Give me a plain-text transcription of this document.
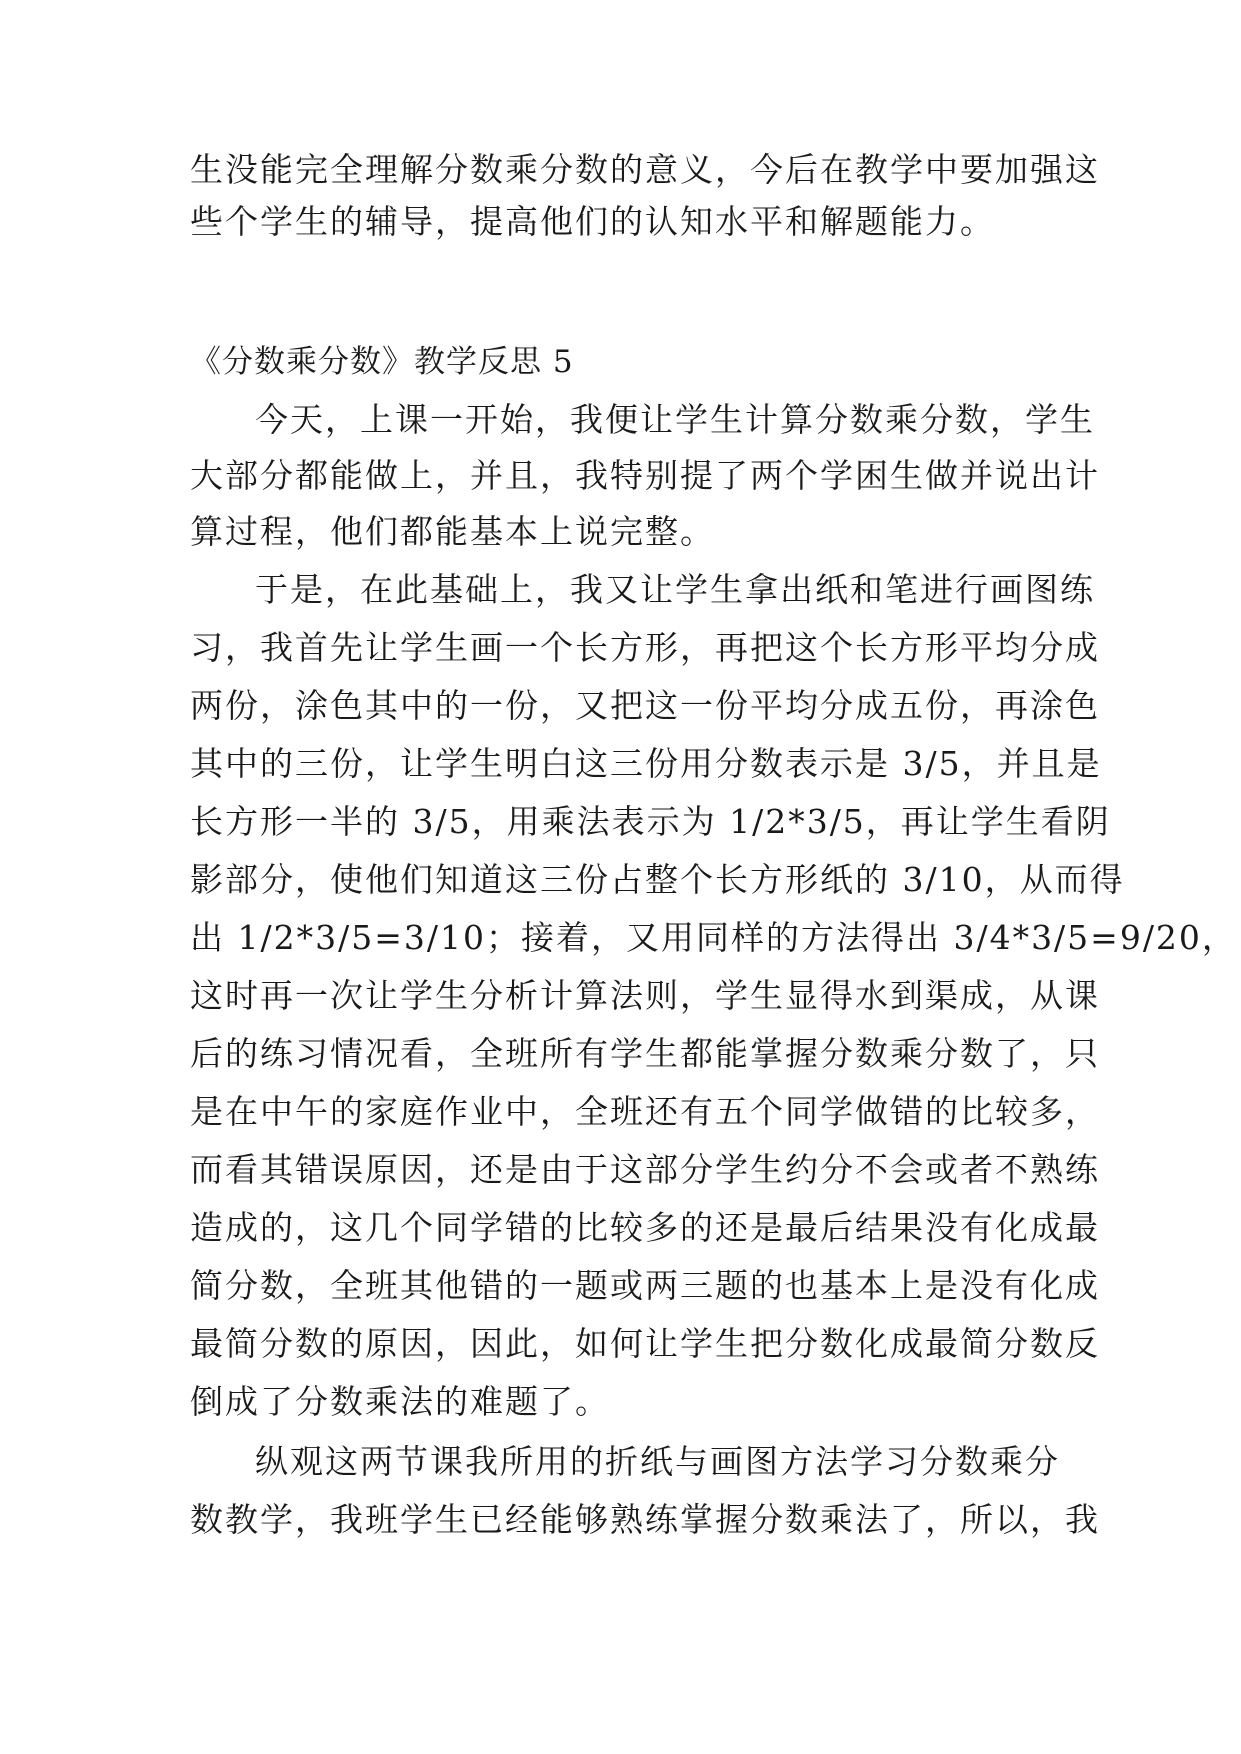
生没能完全理解分数乘分数的意义，今后在教学中要加强这
些个学生的辅导，提高他们的认知水平和解题能力。
《分数乘分数》教学反思 5
今天，上课一开始，我便让学生计算分数乘分数，学生
大部分都能做上，并且，我特别提了两个学困生做并说出计
算过程，他们都能基本上说完整。
于是，在此基础上，我又让学生拿出纸和笔进行画图练
习，我首先让学生画一个长方形，再把这个长方形平均分成
两份，涂色其中的一份，又把这一份平均分成五份，再涂色
其中的三份，让学生明白这三份用分数表示是 3/5，并且是
长方形一半的 3/5，用乘法表示为 1/2*3/5，再让学生看阴
影部分，使他们知道这三份占整个长方形纸的 3/10，从而得
出 1/2*3/5=3/10；接着，又用同样的方法得出 3/4*3/5=9/20，
这时再一次让学生分析计算法则，学生显得水到渠成，从课
后的练习情况看，全班所有学生都能掌握分数乘分数了，只
是在中午的家庭作业中，全班还有五个同学做错的比较多，
而看其错误原因，还是由于这部分学生约分不会或者不熟练
造成的，这几个同学错的比较多的还是最后结果没有化成最
简分数，全班其他错的一题或两三题的也基本上是没有化成
最简分数的原因，因此，如何让学生把分数化成最简分数反
倒成了分数乘法的难题了。
纵观这两节课我所用的折纸与画图方法学习分数乘分
数教学，我班学生已经能够熟练掌握分数乘法了，所以，我
